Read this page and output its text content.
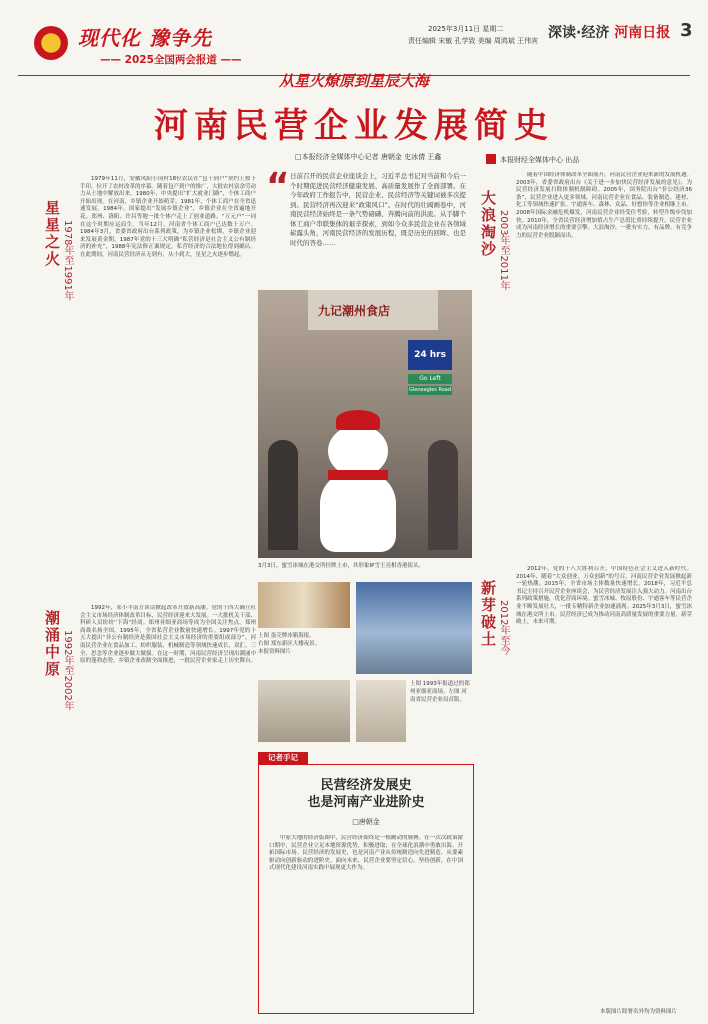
现代化 豫争先
—— 2025全国两会报道 ——
2025年3月11日 星期二
责任编辑 宋敏 孔学致 美编 周鸿斌 王伟宾 深读·经济 河南日报 3
从星火燎原到星辰大海
河南民营企业发展简史
星星之火 1978年至1991年

1979年11月，安徽凤阳小岗村18位农民在“包干到户”契约上按下手印，拉开了农村改革的序幕。随着包产到户的推广，大批农村富余劳动力从土地中解放出来。1980年，中央提出“扩大就业门路”，个体工商户开始出现。在河南，乡镇企业开始萌芽。1981年，个体工商户在全省迅速发展。1984年，国家提出“发展乡镇企业”，乡镇企业在全省遍地开花。郑州、洛阳、许昌等地一批个体户走上了创业道路。“万元户”一词在这个时期应运而生。当年12月，河南省个体工商户已达数十万户。1984年3月，省委省政府出台系列政策，为乡镇企业松绑，乡镇企业迎来发展黄金期。1987年党的十三大明确“私营经济是社会主义公有制经济的补充”，1988年宪法修正案规定，私营经济的合法地位得到确认。在此期间，河南民营经济从无到有，从小到大，星星之火逐步燃起。

潮涌中原 1992年至2002年

1992年，邓小平南方谈话掀起改革开放新高潮。党的十四大确立社会主义市场经济体制改革目标，民营经济迎来大发展。一大批机关干部、科研人员纷纷“下海”经商。郑州亚细亚商场等成为全国关注焦点，郑州商战名扬全国。1995年，全省私营企业数量快速增长。1997年党的十五大提出“非公有制经济是我国社会主义市场经济的重要组成部分”。河南民营企业在食品加工、纺织服装、机械制造等领域快速成长，双汇、三全、思念等企业逐步做大做强。在这一时期，河南民营经济呈现出潮涌中原的蓬勃态势，乡镇企业改制全面推进，一批民营企业家走上历史舞台。

□本报经济全媒体中心记者 唐朝金 史冰倩 王鑫
“ 日前召开的民营企业座谈会上，习近平总书记对当前和今后一个时期促进民营经济健康发展、高质量发展作了全面部署。在今年政府工作报告中，民营企业、民营经济等关键词被多次提到。民营经济再次迎来“政策风口”。在时代的壮阔画卷中，河南民营经济始终是一条气势磅礴、奔腾向前的洪流。从手脚个体工商户串联集体的艰辛探索，到如今众多民营企业在各领域崭露头角，河南民营经济的发展历程，既是历史的回眸、也是时代的答卷……
九记潮州食店
24 hrs
Go Left
Gleneagles Road
3月3日，蜜雪冰城在港交所挂牌上市，其形象IP雪王亮相香港街头。
上图 蛋壳牌冰箱海报。
右图 郑东新区大楼夜景。
本报资料图片
上图 1993年报道过的郑州亚细亚商场。左图 河南省民营企业局首版。
记者手记
民营经济发展史
也是河南产业进阶史
□唐朝金

中原大地的经济版图中，民营经济始终是一根跳动的脉搏。在一次次政策窗口期中，民营企业立足本地资源优势，积极进取；在全球化浪潮中勇敢出海、开拓国际市场。民营经济的发展史，也是河南产业从传统制造向先进制造、从要素驱动向创新驱动的进阶史。面向未来，民营企业要坚定信心，坚持创新，在中国式现代化建设河南实践中展现更大作为。

本报财经全媒体中心 出品
大浪淘沙 2003年至2011年

随着中国经济体制改革全面展开，河南民营企业迎来新的发展机遇。2003年，省委省政府出台《关于进一步加快民营经济发展的意见》，为民营经济发展扫除体制机制障碍。2005年，国务院出台“非公经济36条”，民营企业进入更多领域。河南民营企业在食品、装备制造、建材、化工等领域快速扩张。宇通客车、森林、众品、好想你等企业相继上市。2008年国际金融危机爆发，河南民营企业经受住考验，转型升级步伐加快。2010年，全省民营经济增加值占生产总值比重持续提升。民营企业成为河南经济增长的重要引擎。大浪淘沙，一批有实力、有品牌、有竞争力的民营企业脱颖而出。

新芽破土 2012年至今

2012年，党的十八大胜利召开，中国特色社会主义进入新时代。2014年，随着“大众创业、万众创新”的号召，河南民营企业发展掀起新一轮热潮。2015年，全省市场主体数量快速增长。2018年，习近平总书记主持召开民营企业座谈会，为民营经济发展注入强大动力。河南出台系列政策措施，优化营商环境。蜜雪冰城、牧原股份、宇通客车等民营企业不断发展壮大，一批专精特新企业加速涌现。2025年3月3日，蜜雪冰城在港交所上市。民营经济已成为推动河南高质量发展的重要力量，新芽破土，未来可期。

本版图片除署名外均为资料图片
